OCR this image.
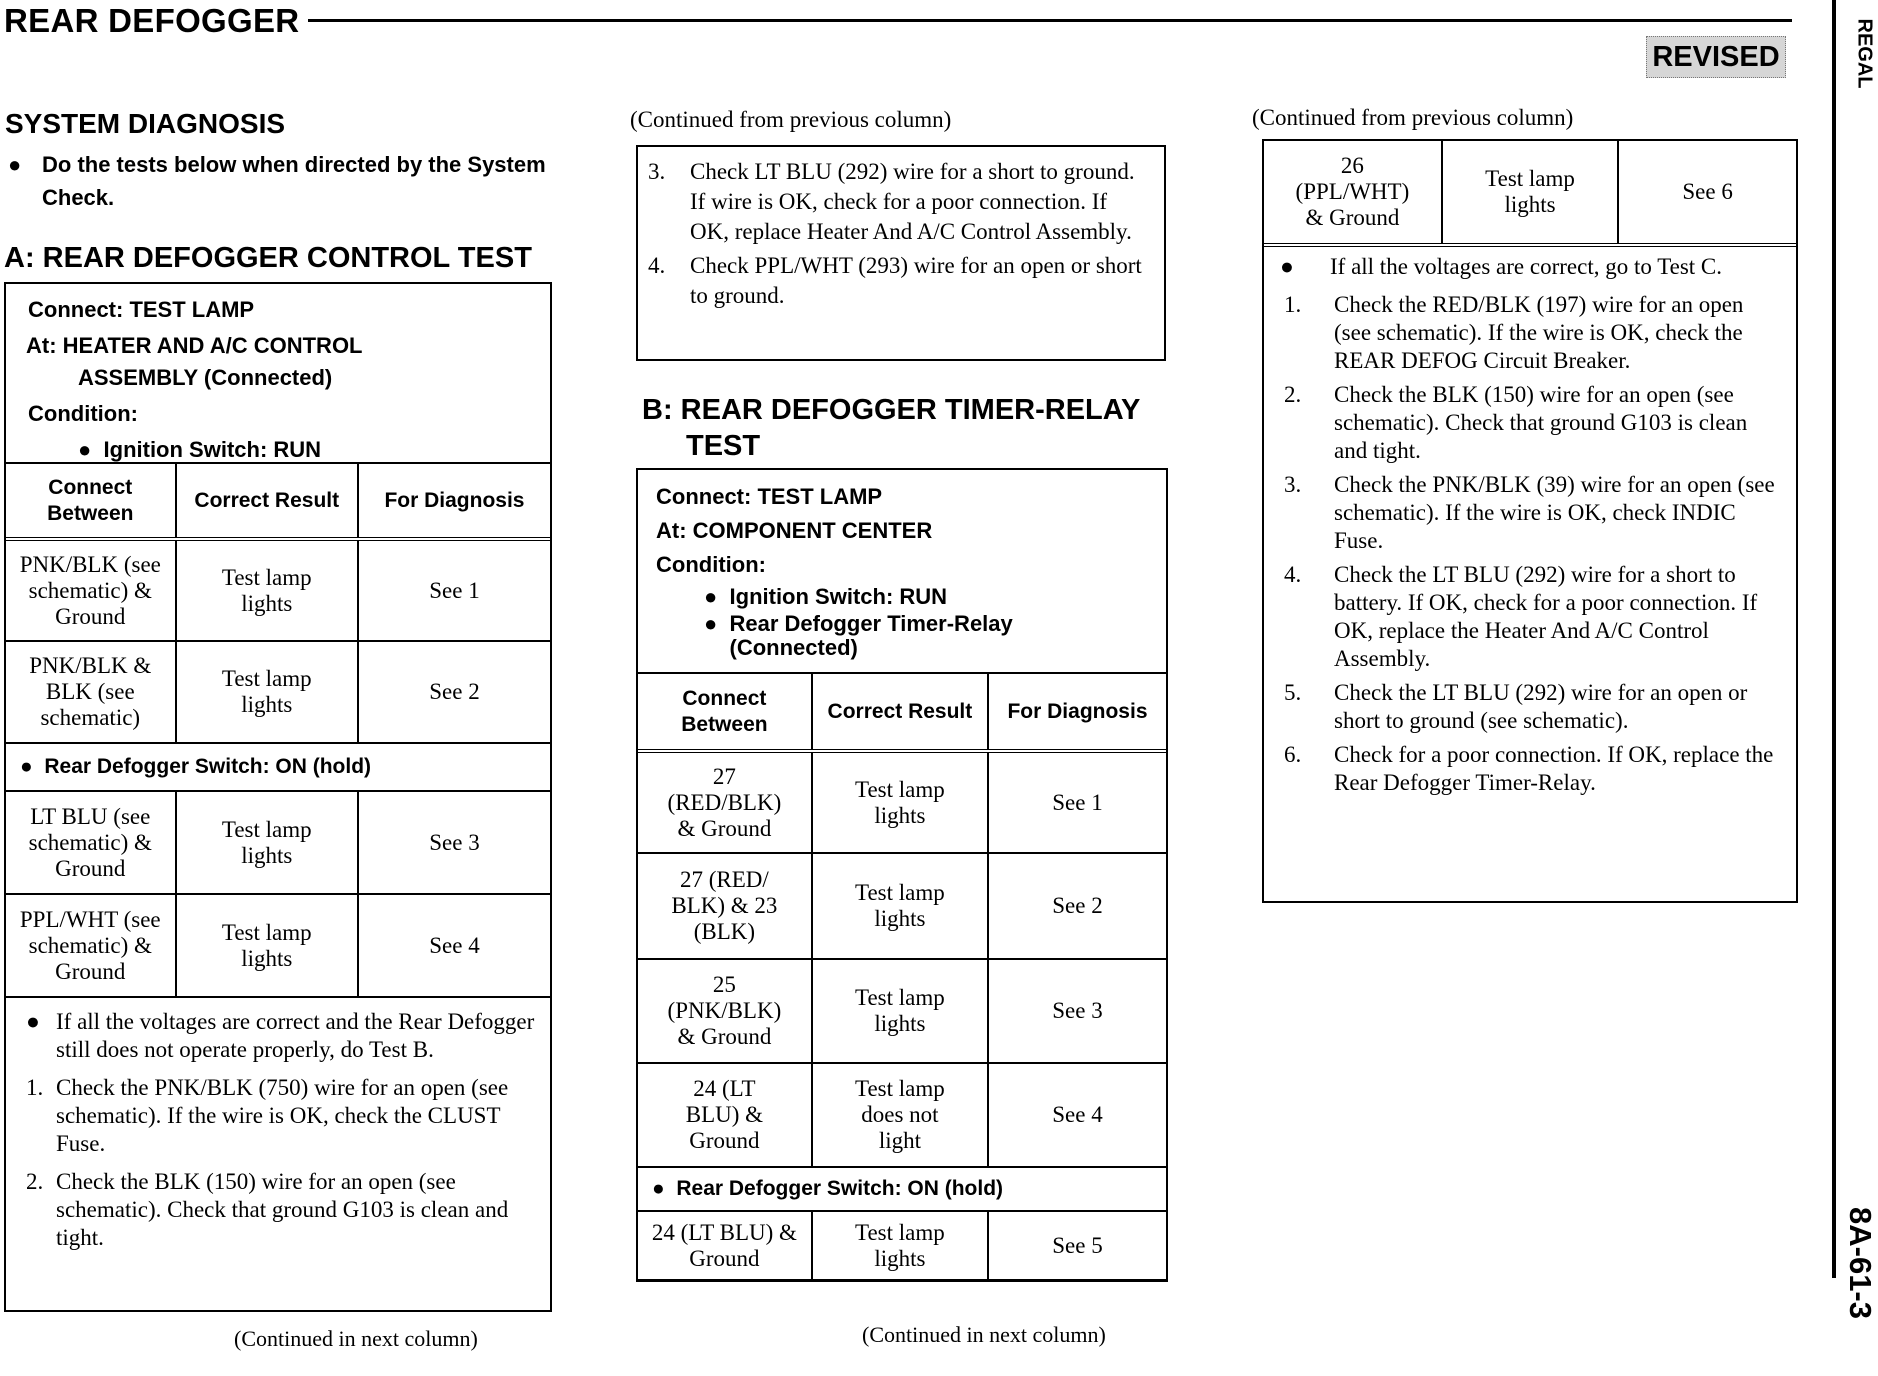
REAR DEFOGGER
REVISED	REGAL
8A-61-3
SYSTEM DIAGNOSIS
● Do the tests below when directed by the System Check.
A: REAR DEFOGGER CONTROL TEST
Connect: TEST LAMP
At: HEATER AND A/C CONTROL
ASSEMBLY (Connected)
Condition:
●  Ignition Switch: RUN
Connect Between	Correct Result	For Diagnosis
PNK/BLK (see schematic) & Ground	Test lamp lights	See 1
PNK/BLK & BLK (see schematic)	Test lamp lights	See 2
●  Rear Defogger Switch: ON (hold)		
LT BLU (see schematic) & Ground	Test lamp lights	See 3
PPL/WHT (see schematic) & Ground	Test lamp lights	See 4
● If all the voltages are correct and the Rear Defogger still does not operate properly, do Test B.
1. Check the PNK/BLK (750) wire for an open (see schematic). If the wire is OK, check the CLUST Fuse.
2. Check the BLK (150) wire for an open (see schematic). Check that ground G103 is clean and tight.
(Continued in next column)
(Continued from previous column)
3.	Check LT BLU (292) wire for a short to ground. If wire is OK, check for a poor connection. If OK, replace Heater And A/C Control Assembly.
4.	Check PPL/WHT (293) wire for an open or short to ground.
B: REAR DEFOGGER TIMER-RELAY
TEST
Connect: TEST LAMP
At: COMPONENT CENTER
Condition:
●  Ignition Switch: RUN
● Rear Defogger Timer-Relay (Connected)
Connect Between	Correct Result	For Diagnosis
27 (RED/BLK) & Ground	Test lamp lights	See 1
27 (RED/ BLK) & 23 (BLK)	Test lamp lights	See 2
25 (PNK/BLK) & Ground	Test lamp lights	See 3
24 (LT BLU) & Ground	Test lamp does not light	See 4
●  Rear Defogger Switch: ON (hold)		
24 (LT BLU) & Ground	Test lamp lights	See 5
(Continued in next column)
(Continued from previous column)
26 (PPL/WHT) & Ground	Test lamp lights	See 6
●	If all the voltages are correct, go to Test C.
1.	Check the RED/BLK (197) wire for an open (see schematic). If the wire is OK, check the REAR DEFOG Circuit Breaker.
2.	Check the BLK (150) wire for an open (see schematic). Check that ground G103 is clean and tight.
3.	Check the PNK/BLK (39) wire for an open (see schematic). If the wire is OK, check INDIC Fuse.
4.	Check the LT BLU (292) wire for a short to battery. If OK, check for a poor connection. If OK, replace the Heater And A/C Control Assembly.
5.	Check the LT BLU (292) wire for an open or short to ground (see schematic).
6.	Check for a poor connection. If OK, replace the Rear Defogger Timer-Relay.
